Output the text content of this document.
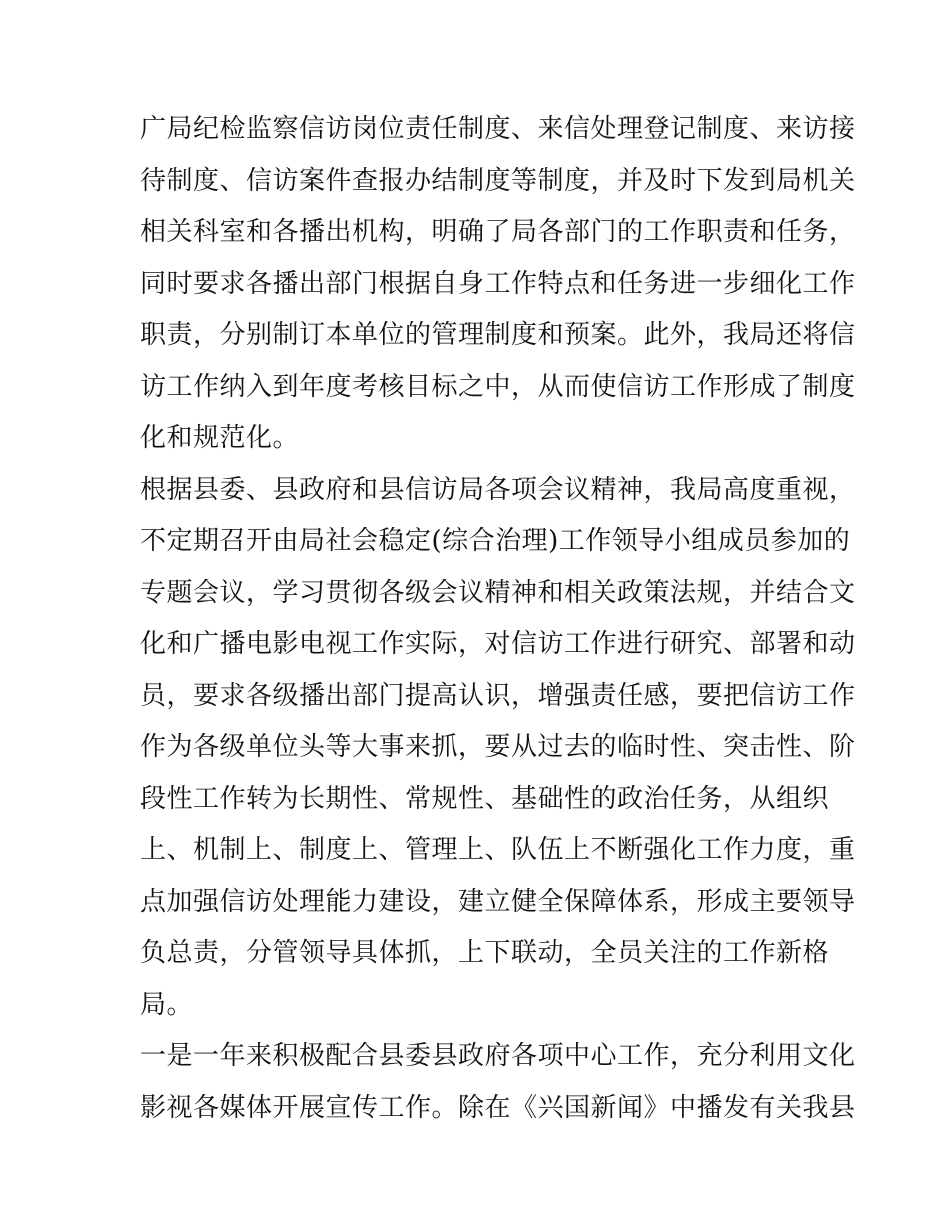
广局纪检监察信访岗位责任制度、来信处理登记制度、来访接
待制度、信访案件查报办结制度等制度，并及时下发到局机关
相关科室和各播出机构，明确了局各部门的工作职责和任务，
同时要求各播出部门根据自身工作特点和任务进一步细化工作
职责，分别制订本单位的管理制度和预案。此外，我局还将信
访工作纳入到年度考核目标之中，从而使信访工作形成了制度
化和规范化。
根据县委、县政府和县信访局各项会议精神，我局高度重视，
不定期召开由局社会稳定(综合治理)工作领导小组成员参加的
专题会议，学习贯彻各级会议精神和相关政策法规，并结合文
化和广播电影电视工作实际，对信访工作进行研究、部署和动
员，要求各级播出部门提高认识，增强责任感，要把信访工作
作为各级单位头等大事来抓，要从过去的临时性、突击性、阶
段性工作转为长期性、常规性、基础性的政治任务，从组织
上、机制上、制度上、管理上、队伍上不断强化工作力度，重
点加强信访处理能力建设，建立健全保障体系，形成主要领导
负总责，分管领导具体抓，上下联动，全员关注的工作新格
局。
一是一年来积极配合县委县政府各项中心工作，充分利用文化
影视各媒体开展宣传工作。除在《兴国新闻》中播发有关我县
